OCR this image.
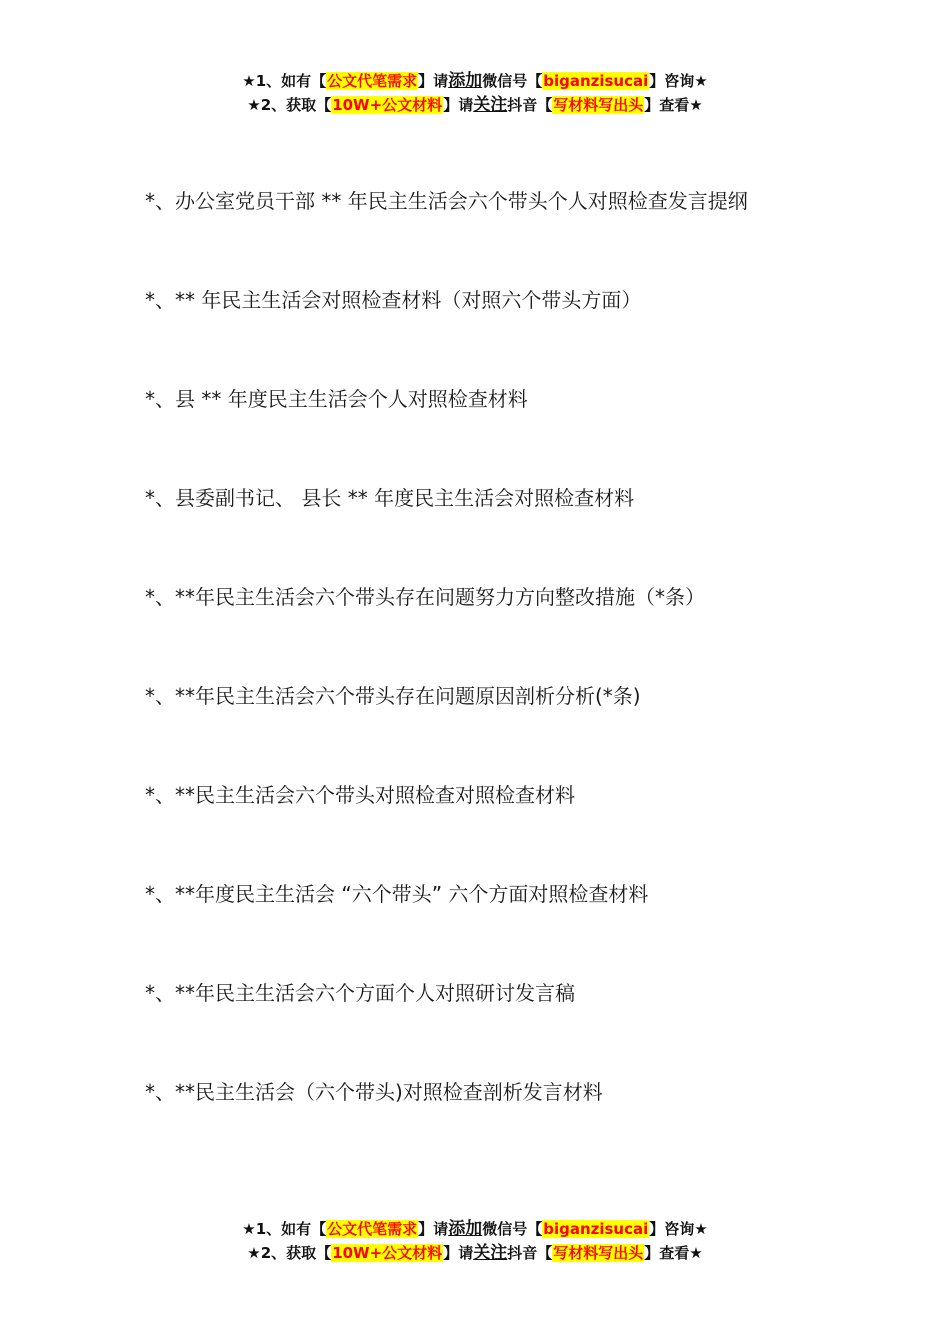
★1、如有【公文代笔需求】请添加微信号【biganzisucai】咨询★
★2、获取【10W+公文材料】请关注抖音【写材料写出头】查看★
*、办公室党员干部 ** 年民主生活会六个带头个人对照检查发言提纲
*、** 年民主生活会对照检查材料（对照六个带头方面）
*、县 ** 年度民主生活会个人对照检查材料
*、县委副书记、 县长 ** 年度民主生活会对照检查材料
*、**年民主生活会六个带头存在问题努力方向整改措施（*条）
*、**年民主生活会六个带头存在问题原因剖析分析(*条)
*、**民主生活会六个带头对照检查对照检查材料
*、**年度民主生活会 “六个带头” 六个方面对照检查材料
*、**年民主生活会六个方面个人对照研讨发言稿
*、**民主生活会（六个带头)对照检查剖析发言材料
★1、如有【公文代笔需求】请添加微信号【biganzisucai】咨询★
★2、获取【10W+公文材料】请关注抖音【写材料写出头】查看★
